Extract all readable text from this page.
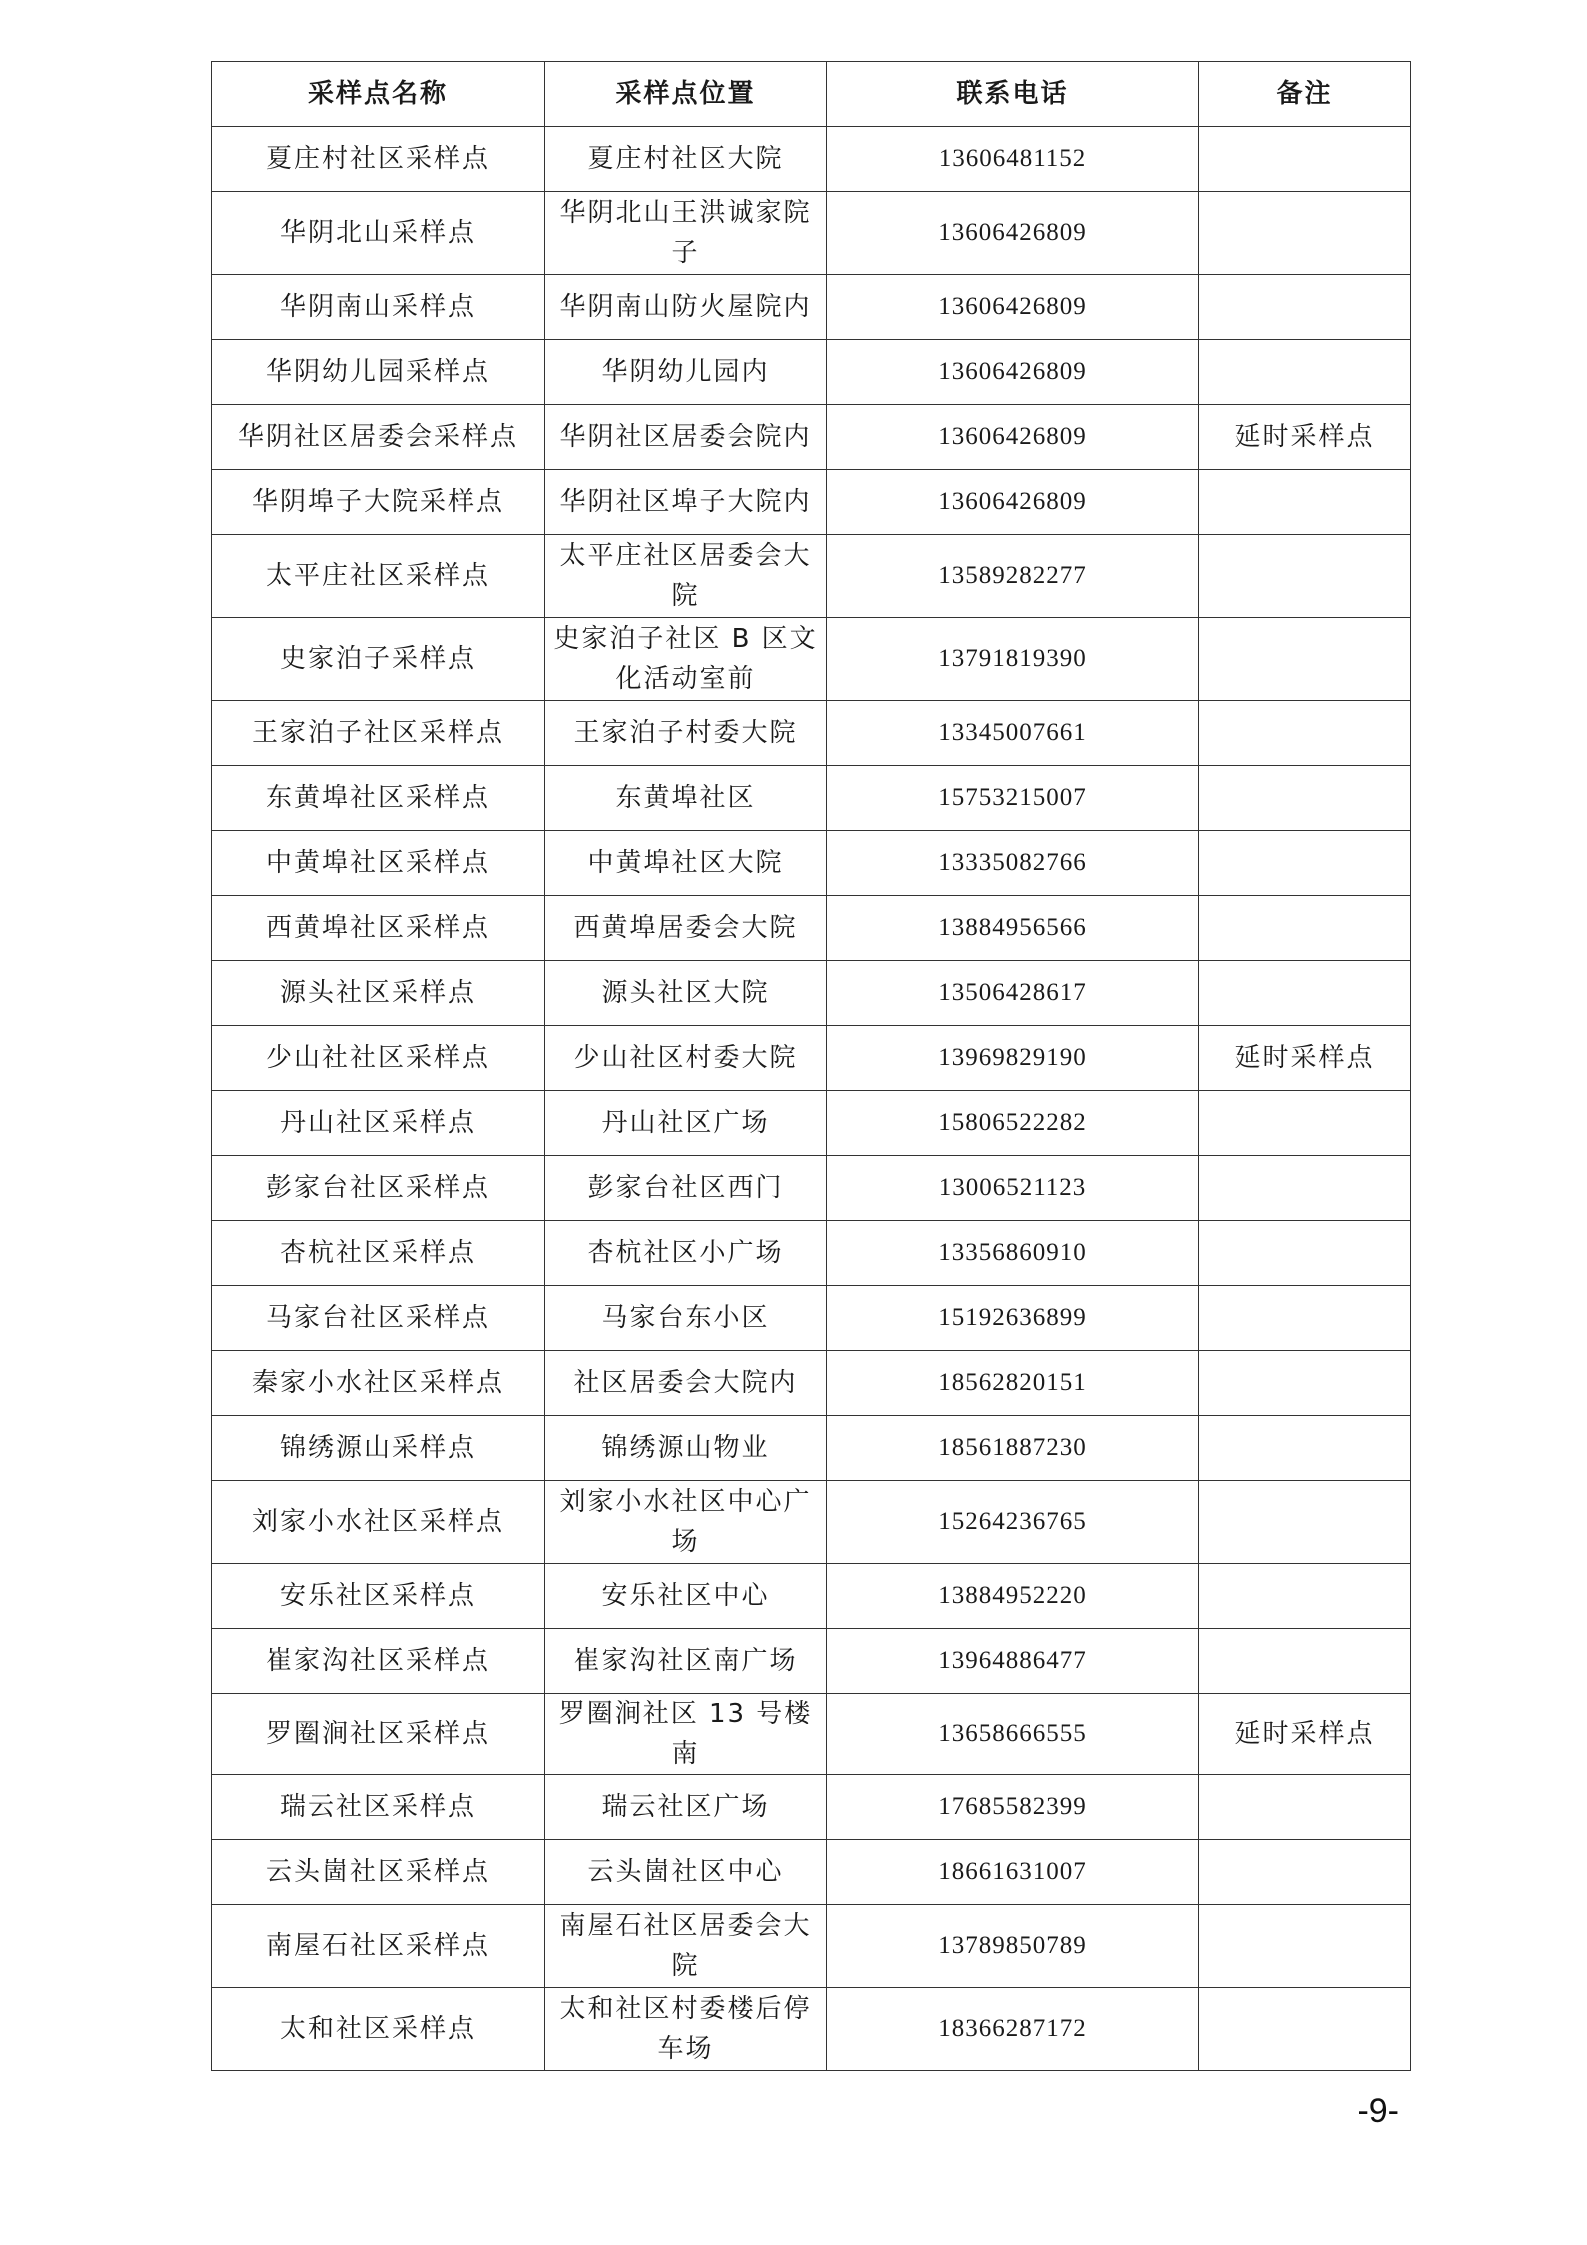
采样点名称	采样点位置	联系电话	备注
夏庄村社区采样点	夏庄村社区大院	13606481152	
华阴北山采样点	华阴北山王洪诚家院子	13606426809	
华阴南山采样点	华阴南山防火屋院内	13606426809	
华阴幼儿园采样点	华阴幼儿园内	13606426809	
华阴社区居委会采样点	华阴社区居委会院内	13606426809	延时采样点
华阴埠子大院采样点	华阴社区埠子大院内	13606426809	
太平庄社区采样点	太平庄社区居委会大院	13589282277	
史家泊子采样点	史家泊子社区 B 区文化活动室前	13791819390	
王家泊子社区采样点	王家泊子村委大院	13345007661	
东黄埠社区采样点	东黄埠社区	15753215007	
中黄埠社区采样点	中黄埠社区大院	13335082766	
西黄埠社区采样点	西黄埠居委会大院	13884956566	
源头社区采样点	源头社区大院	13506428617	
少山社社区采样点	少山社区村委大院	13969829190	延时采样点
丹山社区采样点	丹山社区广场	15806522282	
彭家台社区采样点	彭家台社区西门	13006521123	
杏杭社区采样点	杏杭社区小广场	13356860910	
马家台社区采样点	马家台东小区	15192636899	
秦家小水社区采样点	社区居委会大院内	18562820151	
锦绣源山采样点	锦绣源山物业	18561887230	
刘家小水社区采样点	刘家小水社区中心广场	15264236765	
安乐社区采样点	安乐社区中心	13884952220	
崔家沟社区采样点	崔家沟社区南广场	13964886477	
罗圈涧社区采样点	罗圈涧社区 13 号楼南	13658666555	延时采样点
瑞云社区采样点	瑞云社区广场	17685582399	
云头崮社区采样点	云头崮社区中心	18661631007	
南屋石社区采样点	南屋石社区居委会大院	13789850789	
太和社区采样点	太和社区村委楼后停车场	18366287172	
-9-
